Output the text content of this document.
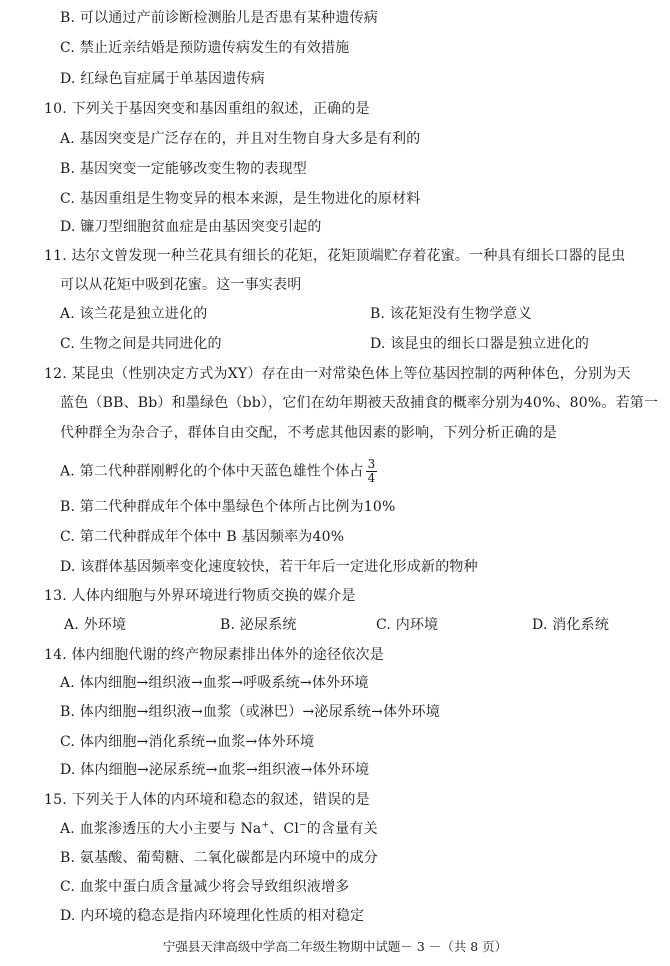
B. 可以通过产前诊断检测胎儿是否患有某种遗传病
C. 禁止近亲结婚是预防遗传病发生的有效措施
D. 红绿色盲症属于单基因遗传病
10. 下列关于基因突变和基因重组的叙述，正确的是
A. 基因突变是广泛存在的，并且对生物自身大多是有利的
B. 基因突变一定能够改变生物的表现型
C. 基因重组是生物变异的根本来源，是生物进化的原材料
D. 镰刀型细胞贫血症是由基因突变引起的
11. 达尔文曾发现一种兰花具有细长的花矩，花矩顶端贮存着花蜜。一种具有细长口器的昆虫
可以从花矩中吸到花蜜。这一事实表明
A. 该兰花是独立进化的	B. 该花矩没有生物学意义
C. 生物之间是共同进化的	D. 该昆虫的细长口器是独立进化的
12. 某昆虫（性别决定方式为XY）存在由一对常染色体上等位基因控制的两种体色，分别为天
蓝色（BB、Bb）和墨绿色（bb），它们在幼年期被天敌捕食的概率分别为40%、80%。若第一
代种群全为杂合子，群体自由交配，不考虑其他因素的影响，下列分析正确的是
A. 第二代种群刚孵化的个体中天蓝色雄性个体占 $\frac{3}{4}$
B. 第二代种群成年个体中墨绿色个体所占比例为10%
C. 第二代种群成年个体中 B 基因频率为40%
D. 该群体基因频率变化速度较快，若干年后一定进化形成新的物种
13. 人体内细胞与外界环境进行物质交换的媒介是
A. 外环境	B. 泌尿系统	C. 内环境	D. 消化系统
14. 体内细胞代谢的终产物尿素排出体外的途径依次是
A. 体内细胞→组织液→血浆→呼吸系统→体外环境
B. 体内细胞→组织液→血浆（或淋巴）→泌尿系统→体外环境
C. 体内细胞→消化系统→血浆→体外环境
D. 体内细胞→泌尿系统→血浆→组织液→体外环境
15. 下列关于人体的内环境和稳态的叙述，错误的是
A. 血浆渗透压的大小主要与 Na+、Cl−的含量有关
B. 氨基酸、葡萄糖、二氧化碳都是内环境中的成分
C. 血浆中蛋白质含量减少将会导致组织液增多
D. 内环境的稳态是指内环境理化性质的相对稳定
宁强县天津高级中学高二年级生物期中试题－ 3 －（共 8 页）
